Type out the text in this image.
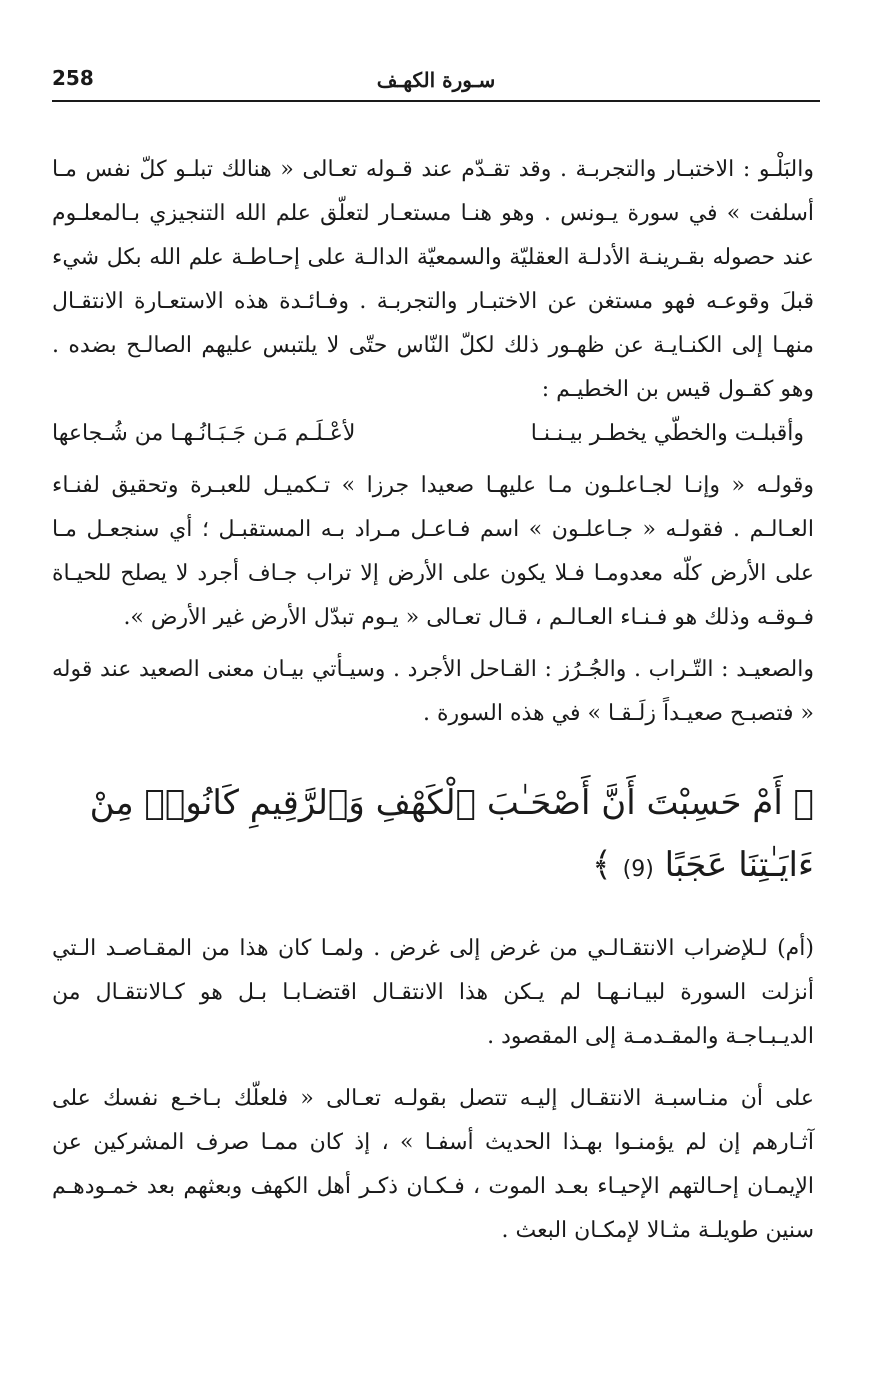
258	سـورة الكهـف

والبَلْـو : الاختبـار والتجربـة . وقد تقـدّم عند قـوله تعـالى « هنالك تبلـو كلّ نفس مـا أسلفت » في سورة يـونس . وهو هنـا مستعـار لتعلّق علم الله التنجيزي بـالمعلـوم عند حصوله بقـرينـة الأدلـة العقليّة والسمعيّة الدالـة على إحـاطـة علم الله بكل شيء قبلَ وقوعـه فهو مستغن عن الاختبـار والتجربـة . وفـائـدة هذه الاستعـارة الانتقـال منهـا إلى الكنـايـة عن ظهـور ذلك لكلّ النّاس حتّى لا يلتبس عليهم الصالـح بضده . وهو كقـول قيس بن الخطيـم :

وأقبلـت والخطّي يخطـر بيـنـنـا
لأعْـلَـم مَـن جَـبَـانُـهـا من شُـجاعها

وقولـه « وإنـا لجـاعلـون مـا عليهـا صعيدا جرزا » تـكميـل للعبـرة وتحقيق لفنـاء العـالـم . فقولـه « جـاعلـون » اسم فـاعـل مـراد بـه المستقبـل ؛ أي سنجعـل مـا على الأرض كلّه معدومـا فـلا يكون على الأرض إلا تراب جـاف أجرد لا يصلح للحيـاة فـوقـه وذلك هو فـنـاء العـالـم ، قـال تعـالى « يـوم تبدّل الأرض غير الأرض ».

والصعيـد : التّـراب . والجُـرُز : القـاحل الأجرد . وسيـأتي بيـان معنى الصعيد عند قوله « فتصبـح صعيـداً زلَـقـا » في هذه السورة .

﴿ أَمْ حَسِبْتَ أَنَّ أَصْحَـٰبَ ٱلْكَهْفِ وَٱلرَّقِيمِ كَانُوا۟ مِنْ ءَايَـٰتِنَا عَجَبًا (9) ﴾

(أم) لـلإضراب الانتقـالـي من غرض إلى غرض . ولمـا كان هذا من المقـاصـد الـتي أنزلت السورة لبيـانـهـا لم يـكن هذا الانتقـال اقتضـابـا بـل هو كـالانتقـال من الديـبـاجـة والمقـدمـة إلى المقصود .

على أن منـاسبـة الانتقـال إليـه تتصل بقولـه تعـالى « فلعلّك بـاخـع نفسك على آثـارهم إن لم يؤمنـوا بهـذا الحديث أسفـا » ، إذ كان ممـا صرف المشركين عن الإيمـان إحـالتهم الإحيـاء بعـد الموت ، فـكـان ذكـر أهل الكهف وبعثهم بعد خمـودهـم سنين طويلـة مثـالا لإمكـان البعث .
